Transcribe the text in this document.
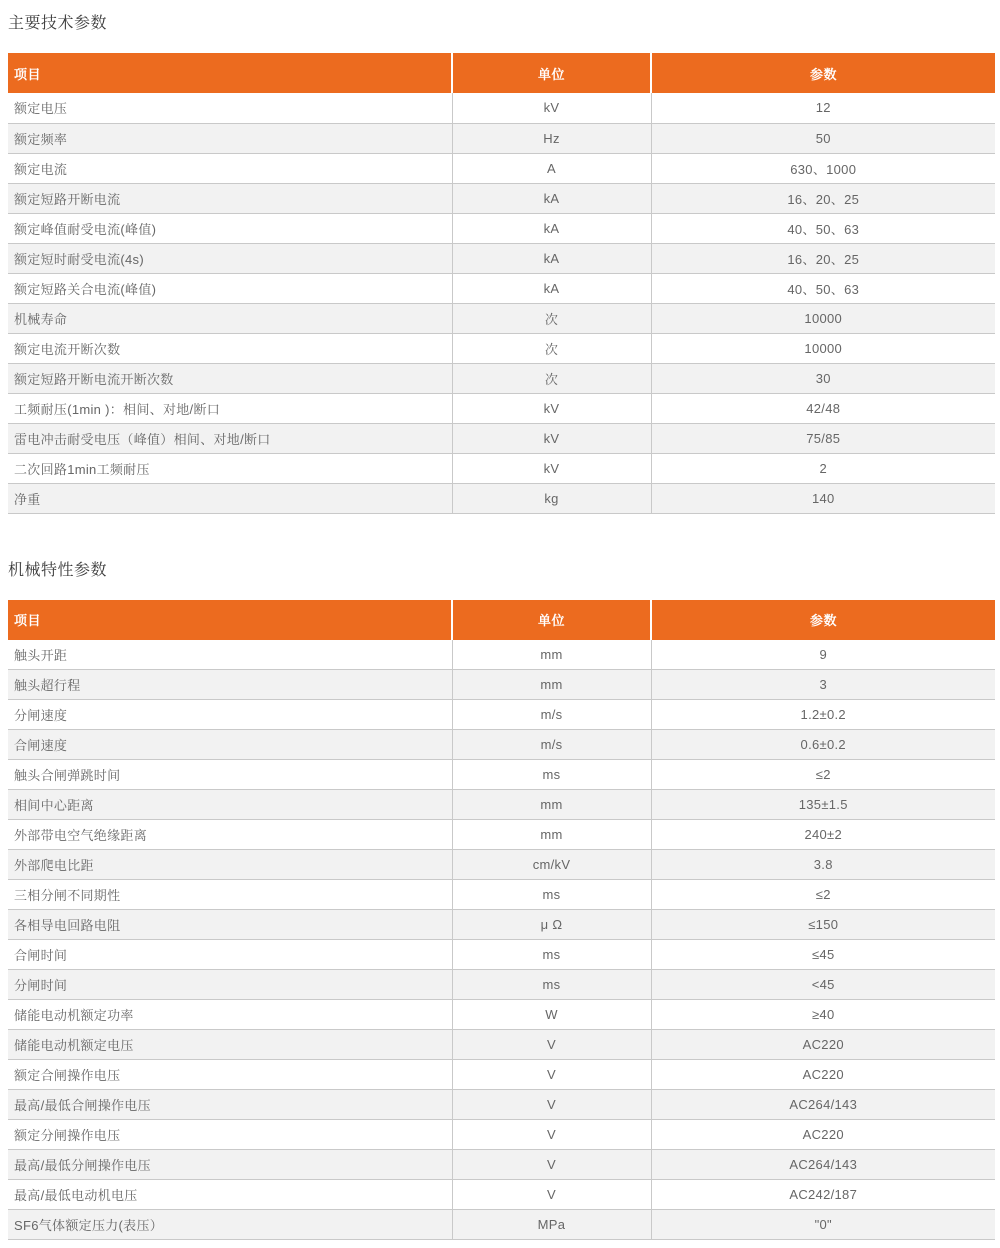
主要技术参数
项目	单位	参数
额定电压	kV	12
额定频率	Hz	50
额定电流	A	630、1000
额定短路开断电流	kA	16、20、25
额定峰值耐受电流(峰值)	kA	40、50、63
额定短时耐受电流(4s)	kA	16、20、25
额定短路关合电流(峰值)	kA	40、50、63
机械寿命	次	10000
额定电流开断次数	次	10000
额定短路开断电流开断次数	次	30
工频耐压(1min )：相间、对地/断口	kV	42/48
雷电冲击耐受电压（峰值）相间、对地/断口	kV	75/85
二次回路1min工频耐压	kV	2
净重	kg	140
机械特性参数
项目	单位	参数
触头开距	mm	9
触头超行程	mm	3
分闸速度	m/s	1.2±0.2
合闸速度	m/s	0.6±0.2
触头合闸弹跳时间	ms	≤2
相间中心距离	mm	135±1.5
外部带电空气绝缘距离	mm	240±2
外部爬电比距	cm/kV	3.8
三相分闸不同期性	ms	≤2
各相导电回路电阻	μ Ω	≤150
合闸时间	ms	≤45
分闸时间	ms	<45
储能电动机额定功率	W	≥40
储能电动机额定电压	V	AC220
额定合闸操作电压	V	AC220
最高/最低合闸操作电压	V	AC264/143
额定分闸操作电压	V	AC220
最高/最低分闸操作电压	V	AC264/143
最高/最低电动机电压	V	AC242/187
SF6气体额定压力(表压）	MPa	"0"
